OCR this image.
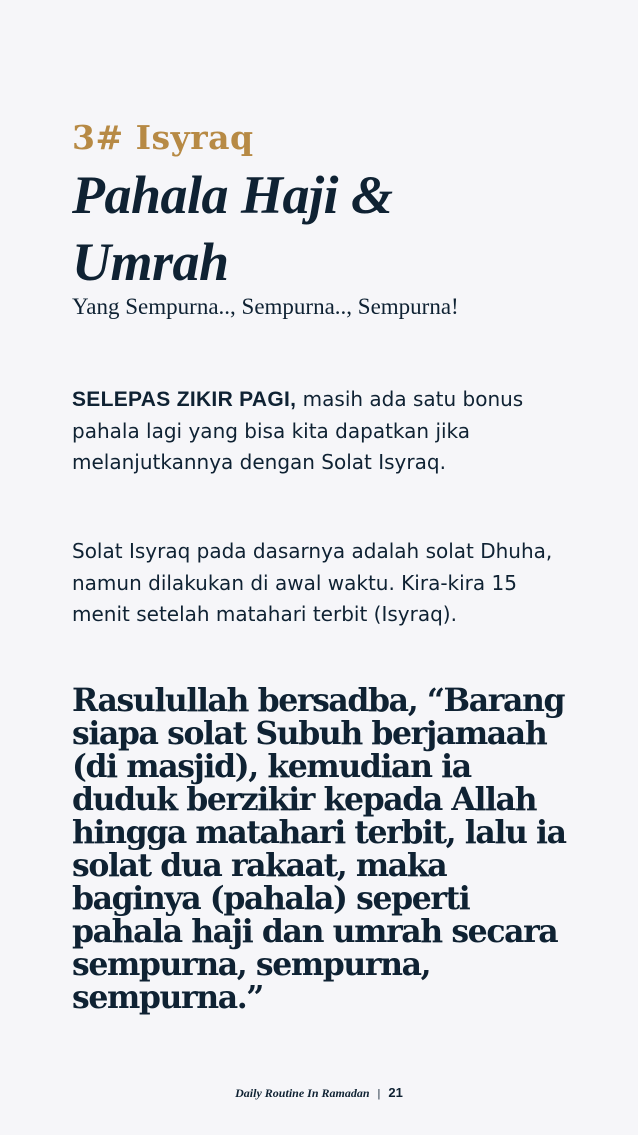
3# Isyraq

Pahala Haji &
Umrah

Yang Sempurna.., Sempurna.., Sempurna!

SELEPAS ZIKIR PAGI, masih ada satu bonus pahala lagi yang bisa kita dapatkan jika melanjutkannya dengan Solat Isyraq.

Solat Isyraq pada dasarnya adalah solat Dhuha, namun dilakukan di awal waktu. Kira-kira 15 menit setelah matahari terbit (Isyraq).

Rasulullah bersadba, “Barang siapa solat Subuh berjamaah (di masjid), kemudian ia duduk berzikir kepada Allah hingga matahari terbit, lalu ia solat dua rakaat, maka baginya (pahala) seperti pahala haji dan umrah secara sempurna, sempurna, sempurna.”

Daily Routine In Ramadan | 21
